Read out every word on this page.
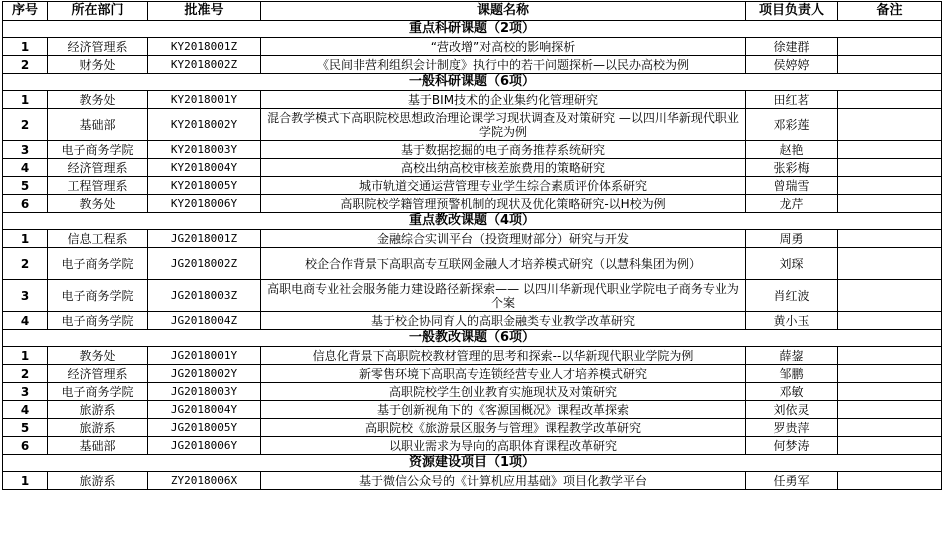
序号	所在部门	批准号	课题名称	项目负责人	备注
重点科研课题（2项）					
1	经济管理系	KY2018001Z	“营改增”对高校的影响探析	徐建群	
2	财务处	KY2018002Z	《民间非营利组织会计制度》执行中的若干问题探析—以民办高校为例	侯婷婷	
一般科研课题（6项）					
1	教务处	KY2018001Y	基于BIM技术的企业集约化管理研究	田红茗	
2	基础部	KY2018002Y	混合教学模式下高职院校思想政治理论课学习现状调查及对策研究 —以四川华新现代职业学院为例	邓彩莲	
3	电子商务学院	KY2018003Y	基于数据挖掘的电子商务推荐系统研究	赵艳	
4	经济管理系	KY2018004Y	高校出纳高校审核差旅费用的策略研究	张彩梅	
5	工程管理系	KY2018005Y	城市轨道交通运营管理专业学生综合素质评价体系研究	曾瑞雪	
6	教务处	KY2018006Y	高职院校学籍管理预警机制的现状及优化策略研究-以H校为例	龙芹	
重点教改课题（4项）					
1	信息工程系	JG2018001Z	金融综合实训平台（投资理财部分）研究与开发	周勇	
2	电子商务学院	JG2018002Z	校企合作背景下高职高专互联网金融人才培养模式研究（以慧科集团为例）	刘琛	
3	电子商务学院	JG2018003Z	高职电商专业社会服务能力建设路径新探索—— 以四川华新现代职业学院电子商务专业为个案	肖红波	
4	电子商务学院	JG2018004Z	基于校企协同育人的高职金融类专业教学改革研究	黄小玉	
一般教改课题（6项）					
1	教务处	JG2018001Y	信息化背景下高职院校教材管理的思考和探索--以华新现代职业学院为例	薛鋆	
2	经济管理系	JG2018002Y	新零售环境下高职高专连锁经营专业人才培养模式研究	邹鹏	
3	电子商务学院	JG2018003Y	高职院校学生创业教育实施现状及对策研究	邓敏	
4	旅游系	JG2018004Y	基于创新视角下的《客源国概况》课程改革探索	刘依灵	
5	旅游系	JG2018005Y	高职院校《旅游景区服务与管理》课程教学改革研究	罗贵萍	
6	基础部	JG2018006Y	以职业需求为导向的高职体育课程改革研究	何梦涛	
资源建设项目（1项）					
1	旅游系	ZY2018006X	基于微信公众号的《计算机应用基础》项目化教学平台	任勇军	
